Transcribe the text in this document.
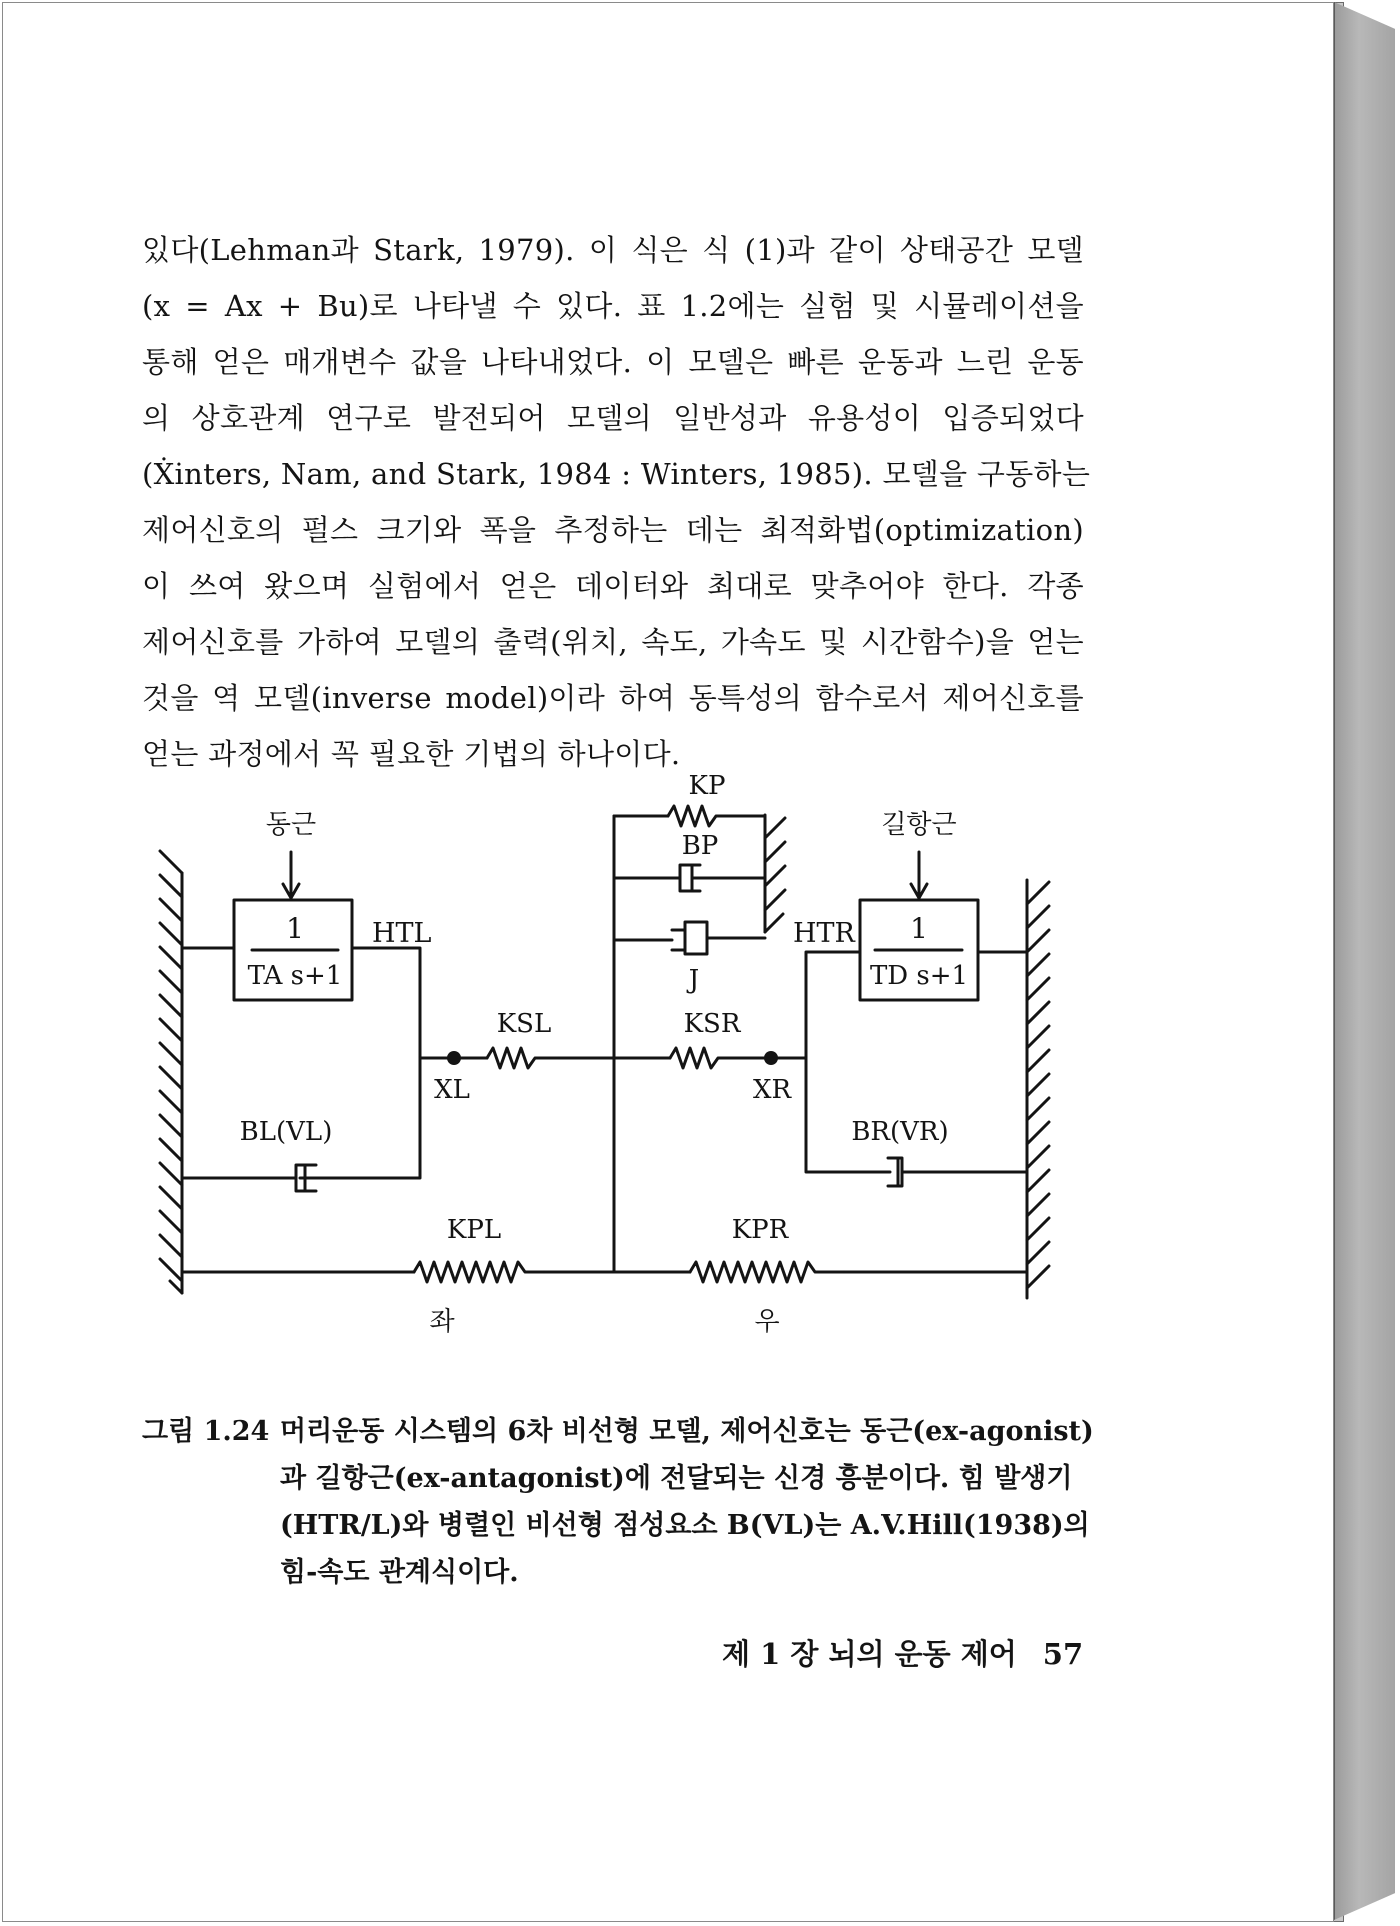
있다(Lehman과 Stark, 1979). 이 식은 식 (1)과 같이 상태공간 모델
(x = Ax + Bu)로 나타낼 수 있다. 표 1.2에는 실험 및 시뮬레이션을
통해 얻은 매개변수 값을 나타내었다. 이 모델은 빠른 운동과 느린 운동
의 상호관계 연구로 발전되어 모델의 일반성과 유용성이 입증되었다
(Ẋinters, Nam, and Stark, 1984 : Winters, 1985). 모델을 구동하는
제어신호의 펄스 크기와 폭을 추정하는 데는 최적화법(optimization)
이 쓰여 왔으며 실험에서 얻은 데이터와 최대로 맞추어야 한다. 각종
제어신호를 가하여 모델의 출력(위치, 속도, 가속도 및 시간함수)을 얻는
것을 역 모델(inverse model)이라 하여 동특성의 함수로서 제어신호를
얻는 과정에서 꼭 필요한 기법의 하나이다.
동근	길항근
HTL	HTR
1
TA s+1
1
TD s+1
KP
BP
J
KSL	KSR
XL	XR
BL(VL)	BR(VR)
KPL	KPR
좌	우
그림 1.24 머리운동 시스템의 6차 비선형 모델, 제어신호는 동근(ex-agonist)
과 길항근(ex-antagonist)에 전달되는 신경 흥분이다. 힘 발생기
(HTR/L)와 병렬인 비선형 점성요소 B(VL)는 A.V.Hill(1938)의
힘-속도 관계식이다.
제 1 장 뇌의 운동 제어 57
